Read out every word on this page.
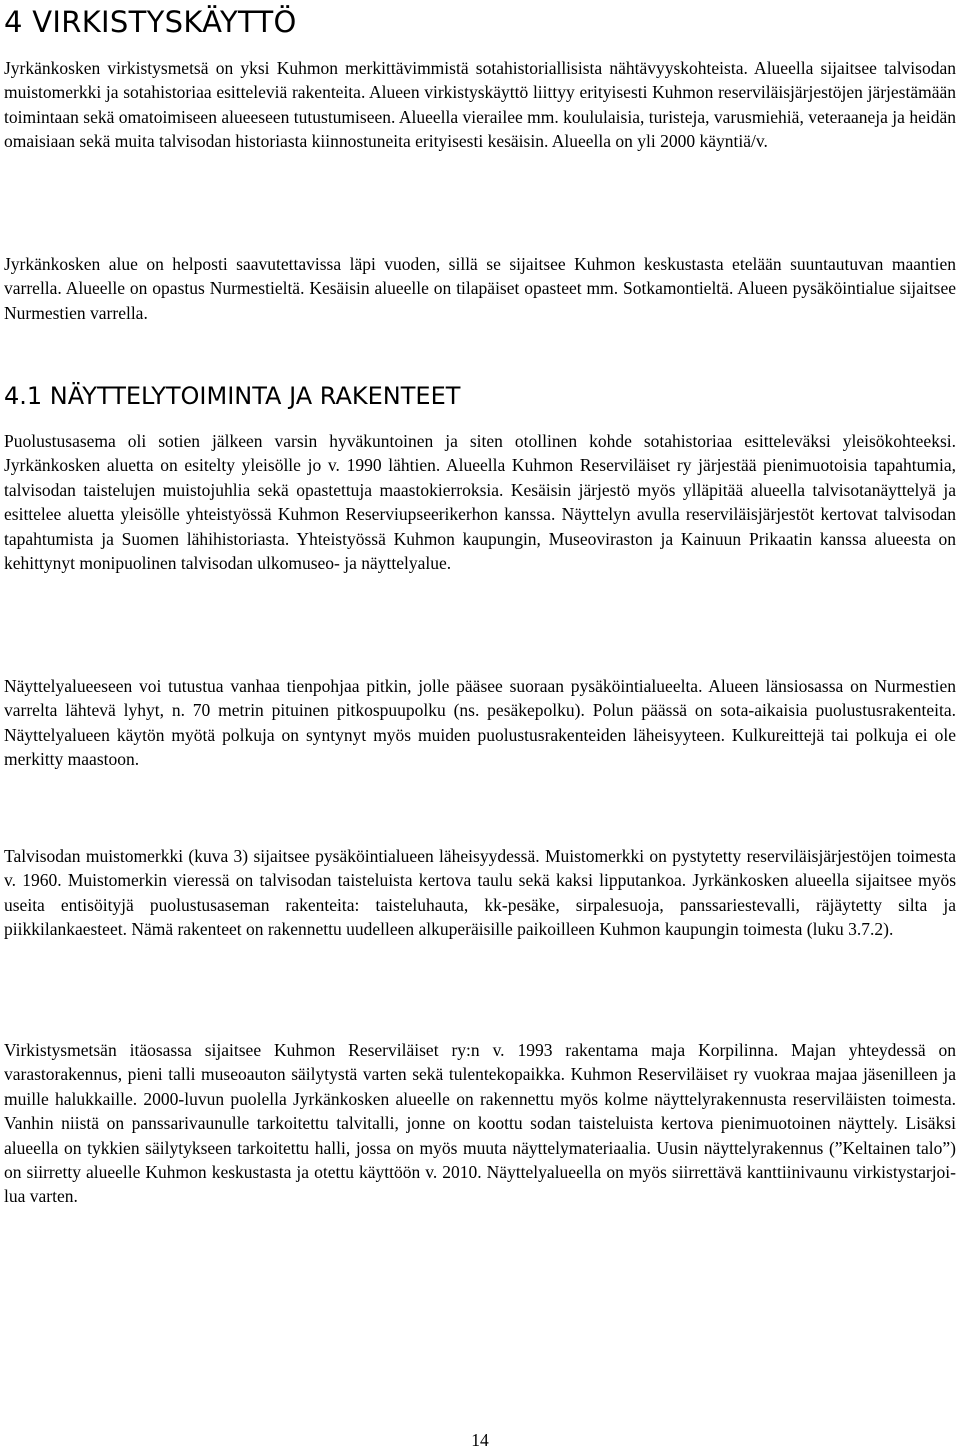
4 VIRKISTYSKÄYTTÖ

Jyrkänkosken virkistysmetsä on yksi Kuhmon merkittävimmistä sotahistoriallisista nähtävyyskohteista. Alueella sijaitsee talvisodan muistomerkki ja sotahistoriaa esitteleviä rakenteita. Alueen virkistyskäyttö liittyy erityisesti Kuhmon reserviläisjärjestöjen järjestämään toimintaan sekä omatoimiseen alueeseen tutustumiseen. Alueella vierailee mm. koululaisia, turisteja, varusmiehiä, veteraaneja ja heidän omaisiaan sekä muita talvisodan historiasta kiinnostuneita erityisesti kesäisin. Alueella on yli 2000 käyntiä/v.

Jyrkänkosken alue on helposti saavutettavissa läpi vuoden, sillä se sijaitsee Kuhmon keskustasta etelään suuntautuvan maantien varrella. Alueelle on opastus Nurmestieltä. Kesäisin alueelle on tilapäiset opasteet mm. Sotkamontieltä. Alueen pysäköintialue sijaitsee Nurmestien varrella.

4.1 NÄYTTELYTOIMINTA JA RAKENTEET

Puolustusasema oli sotien jälkeen varsin hyväkuntoinen ja siten otollinen kohde sotahistoriaa esitteleväksi yleisökohteeksi. Jyrkänkosken aluetta on esitelty yleisölle jo v. 1990 lähtien. Alueella Kuhmon Reserviläiset ry järjestää pienimuotoisia tapahtumia, talvisodan taistelujen muistojuhlia sekä opastettuja maastokierroksia. Kesäisin järjestö myös ylläpitää alueella talvisotanäyttelyä ja esittelee aluetta yleisölle yhteistyössä Kuhmon Reserviupseerikerhon kanssa. Näyttelyn avulla reserviläisjärjestöt kertovat talvisodan tapahtumista ja Suomen lähihistoriasta. Yhteistyössä Kuhmon kaupungin, Museoviraston ja Kainuun Prikaatin kanssa alueesta on kehittynyt monipuolinen talvisodan ulkomuseo- ja näyttelyalue.

Näyttelyalueeseen voi tutustua vanhaa tienpohjaa pitkin, jolle pääsee suoraan pysäköintialueelta. Alueen länsiosassa on Nurmestien varrelta lähtevä lyhyt, n. 70 metrin pituinen pitkospuupolku (ns. pesäkepolku). Polun päässä on sota-aikaisia puolustusrakenteita. Näyttelyalueen käytön myötä polkuja on syntynyt myös muiden puolustusrakenteiden läheisyyteen. Kulkureittejä tai polkuja ei ole merkitty maastoon.

Talvisodan muistomerkki (kuva 3) sijaitsee pysäköintialueen läheisyydessä. Muistomerkki on pystytetty reserviläisjärjestöjen toimesta v. 1960. Muistomerkin vieressä on talvisodan taisteluista kertova taulu sekä kaksi lipputankoa. Jyrkänkosken alueella sijaitsee myös useita entisöityjä puolustusaseman rakenteita: taisteluhauta, kk-pesäke, sirpalesuoja, panssariestevalli, räjäytetty silta ja piikkilankaesteet. Nämä rakenteet on rakennettu uudelleen alkuperäisille paikoilleen Kuhmon kaupungin toimesta (luku 3.7.2).

Virkistysmetsän itäosassa sijaitsee Kuhmon Reserviläiset ry:n v. 1993 rakentama maja Korpilinna. Majan yhteydessä on varastorakennus, pieni talli museoauton säilytystä varten sekä tulentekopaikka. Kuhmon Reserviläiset ry vuokraa majaa jäsenilleen ja muille halukkaille. 2000-luvun puolella Jyrkänkosken alueelle on rakennettu myös kolme näyttelyrakennusta reserviläisten toimesta. Vanhin niistä on panssarivaunulle tarkoitettu talvitalli, jonne on koottu sodan taisteluista kertova pienimuotoinen näyttely. Lisäksi alueella on tykkien säilytykseen tarkoitettu halli, jossa on myös muuta näyttelymateriaalia. Uusin näyttelyrakennus (”Keltainen talo”) on siirretty alueelle Kuhmon keskustasta ja otettu käyttöön v. 2010. Näyttelyalueella on myös siirrettävä kanttiinivaunu virkistystarjoilua varten.

14
